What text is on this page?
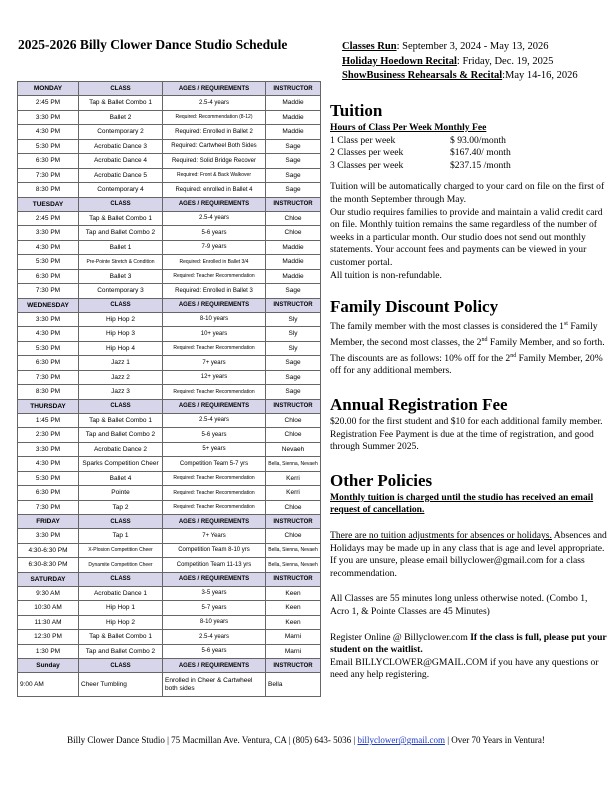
2025-2026 Billy Clower Dance Studio Schedule	Classes Run: September 3, 2024 - May 13, 2026
Holiday Hoedown Recital: Friday, Dec. 19, 2025
ShowBusiness Rehearsals & Recital:May 14-16, 2026
MONDAY	CLASS	AGES / REQUIREMENTS	INSTRUCTOR
2:45 PM	Tap & Ballet Combo 1	2.5-4 years	Maddie
3:30 PM	Ballet 2	Required: Recommendation (8-12)	Maddie
4:30 PM	Contemporary 2	Required: Enrolled in Ballet 2	Maddie
5:30 PM	Acrobatic Dance 3	Required: Cartwheel Both Sides	Sage
6:30 PM	Acrobatic Dance 4	Required: Solid Bridge Recover	Sage
7:30 PM	Acrobatic Dance 5	Required: Front & Back Walkover	Sage
8:30 PM	Contemporary 4	Required: enrolled in Ballet 4	Sage
TUESDAY	CLASS	AGES / REQUIREMENTS	INSTRUCTOR
2:45 PM	Tap & Ballet Combo 1	2.5-4 years	Chloe
3:30 PM	Tap and Ballet Combo 2	5-6 years	Chloe
4:30 PM	Ballet 1	7-9 years	Maddie
5:30 PM	Pre-Pointe Stretch & Condition	Required: Enrolled in Ballet 3/4	Maddie
6:30 PM	Ballet 3	Required: Teacher Recommendation	Maddie
7:30 PM	Contemporary 3	Required: Enrolled in Ballet 3	Sage
WEDNESDAY	CLASS	AGES / REQUIREMENTS	INSTRUCTOR
3:30 PM	Hip Hop 2	8-10 years	Sly
4:30 PM	Hip Hop 3	10+ years	Sly
5:30 PM	Hip Hop 4	Required: Teacher Recommendation	Sly
6:30 PM	Jazz 1	7+ years	Sage
7:30 PM	Jazz 2	12+ years	Sage
8:30 PM	Jazz 3	Required: Teacher Recommendation	Sage
THURSDAY	CLASS	AGES / REQUIREMENTS	INSTRUCTOR
1:45 PM	Tap & Ballet Combo 1	2.5-4 years	Chloe
2:30 PM	Tap and Ballet Combo 2	5-6 years	Chloe
3:30 PM	Acrobatic Dance 2	5+ years	Nevaeh
4:30 PM	Sparks Competition Cheer	Competition Team 5-7 yrs	Bella, Sienna, Nevaeh
5:30 PM	Ballet 4	Required: Teacher Recommendation	Kerri
6:30 PM	Pointe	Required: Teacher Recommendation	Kerri
7:30 PM	Tap 2	Required: Teacher Recommendation	Chloe
FRIDAY	CLASS	AGES / REQUIREMENTS	INSTRUCTOR
3:30 PM	Tap 1	7+ Years	Chloe
4:30-6:30 PM	X-Plosion Competition Cheer	Competition Team 8-10 yrs	Bella, Sienna, Nevaeh
6:30-8:30 PM	Dynamite Competition Cheer	Competition Team 11-13 yrs	Bella, Sienna, Nevaeh
SATURDAY	CLASS	AGES / REQUIREMENTS	INSTRUCTOR
9:30 AM	Acrobatic Dance 1	3-5 years	Keen
10:30 AM	Hip Hop 1	5-7 years	Keen
11:30 AM	Hip Hop 2	8-10 years	Keen
12:30 PM	Tap & Ballet Combo 1	2.5-4 years	Marni
1:30 PM	Tap and Ballet Combo 2	5-6 years	Marni
Sunday	CLASS	AGES / REQUIREMENTS	INSTRUCTOR
9:00 AM	Cheer Tumbling	Enrolled in Cheer & Cartwheel both sides	Bella
Tuition

Hours of Class Per Week Monthly Fee

1 Class per week	$ 93.00/month
2 Classes per week	$167.40/ month
3 Classes per week	$237.15 /month

Tuition will be automatically charged to your card on file on the first of the month September through May.

Our studio requires families to provide and maintain a valid credit card on file. Monthly tuition remains the same regardless of the number of weeks in a particular month. Our studio does not send out monthly statements. Your account fees and payments can be viewed in your customer portal.

All tuition is non-refundable.

Family Discount Policy

The family member with the most classes is considered the 1st Family Member, the second most classes, the 2nd Family Member, and so forth. The discounts are as follows: 10% off for the 2nd Family Member, 20% off for any additional members.

Annual Registration Fee

$20.00 for the first student and $10 for each additional family member. Registration Fee Payment is due at the time of registration, and good through Summer 2025.

Other Policies

Monthly tuition is charged until the studio has received an email request of cancellation.

There are no tuition adjustments for absences or holidays. Absences and Holidays may be made up in any class that is age and level appropriate. If you are unsure, please email billyclower@gmail.com for a class recommendation.

All Classes are 55 minutes long unless otherwise noted. (Combo 1, Acro 1, & Pointe Classes are 45 Minutes)

Register Online @ Billyclower.com If the class is full, please put your student on the waitlist.

Email BILLYCLOWER@GMAIL.COM if you have any questions or need any help registering.

Billy Clower Dance Studio | 75 Macmillan Ave. Ventura, CA | (805) 643- 5036 | billyclower@gmail.com | Over 70 Years in Ventura!
